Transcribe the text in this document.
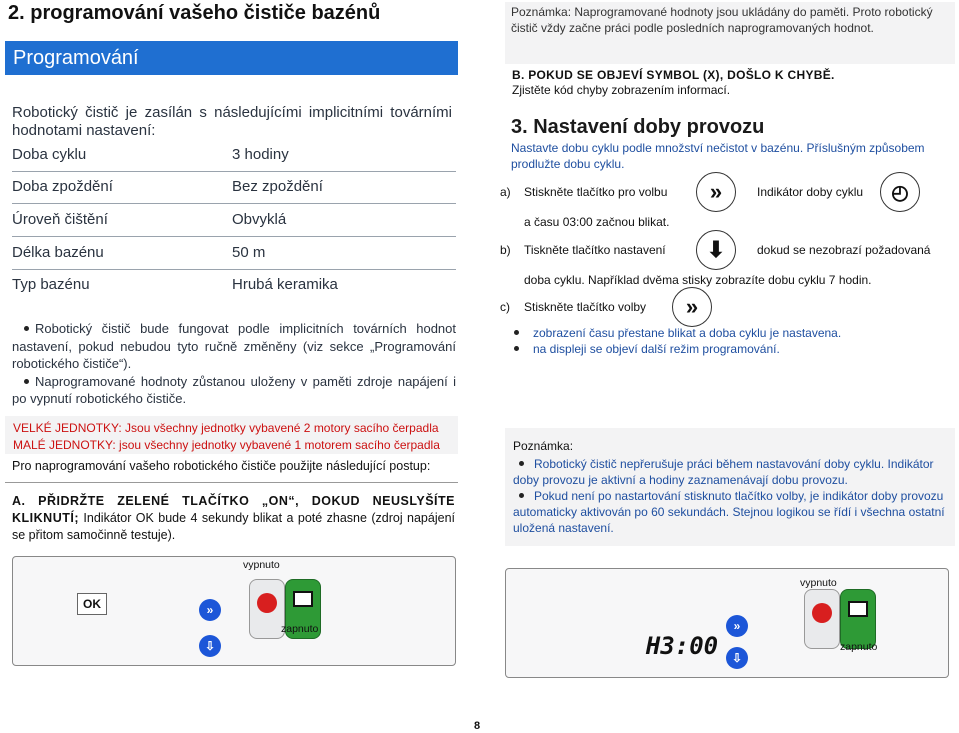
2. programování vašeho čističe bazénů
Programování
Robotický čistič je zasílán s následujícími implicitními továrními hodnotami nastavení:
Doba cyklu	3 hodiny
Doba zpoždění	Bez zpoždění
Úroveň čištění	Obvyklá
Délka bazénu	50 m
Typ bazénu	Hrubá keramika

Robotický čistič bude fungovat podle implicitních továrních hodnot nastavení, pokud nebudou tyto ručně změněny (viz sekce „Programování robotického čističe“).

Naprogramované hodnoty zůstanou uloženy v paměti zdroje napájení i po vypnutí robotického čističe.

VELKÉ JEDNOTKY: Jsou všechny jednotky vybavené 2 motory sacího čerpadla
MALÉ JEDNOTKY: jsou všechny jednotky vybavené 1 motorem sacího čerpadla
Pro naprogramování vašeho robotického čističe použijte následující postup:
A. PŘIDRŽTE ZELENÉ TLAČÍTKO „ON“, DOKUD NEUSLYŠÍTE KLIKNUTÍ; Indikátor OK bude 4 sekundy blikat a poté zhasne (zdroj napájení se přitom samočinně testuje).
OK	»
⇩
vypnuto
zapnuto
Poznámka: Naprogramované hodnoty jsou ukládány do paměti. Proto robotický čistič vždy začne práci podle posledních naprogramovaných hodnot.
B. POKUD SE OBJEVÍ SYMBOL (X), DOŠLO K CHYBĚ.
Zjistěte kód chyby zobrazením informací.
3. Nastavení doby provozu
Nastavte dobu cyklu podle množství nečistot v bazénu. Příslušným způsobem prodlužte dobu cyklu.
a) Stiskněte tlačítko pro volbu	»	Indikátor doby cyklu	◴
a času 03:00 začnou blikat.
b) Tiskněte tlačítko nastavení	⬇	dokud se nezobrazí požadovaná
doba cyklu. Například dvěma stisky zobrazíte dobu cyklu 7 hodin.
c) Stiskněte tlačítko volby	»

zobrazení času přestane blikat a doba cyklu je nastavena.

na displeji se objeví další režim programování.

Poznámka:

Robotický čistič nepřerušuje práci během nastavování doby cyklu. Indikátor doby provozu je aktivní a hodiny zaznamenávají dobu provozu.

Pokud není po nastartování stisknuto tlačítko volby, je indikátor doby provozu automaticky aktivován po 60 sekundách. Stejnou logikou se řídí i všechna ostatní uložená nastavení.

H3:00
»
⇩
vypnuto
zapnuto
8
